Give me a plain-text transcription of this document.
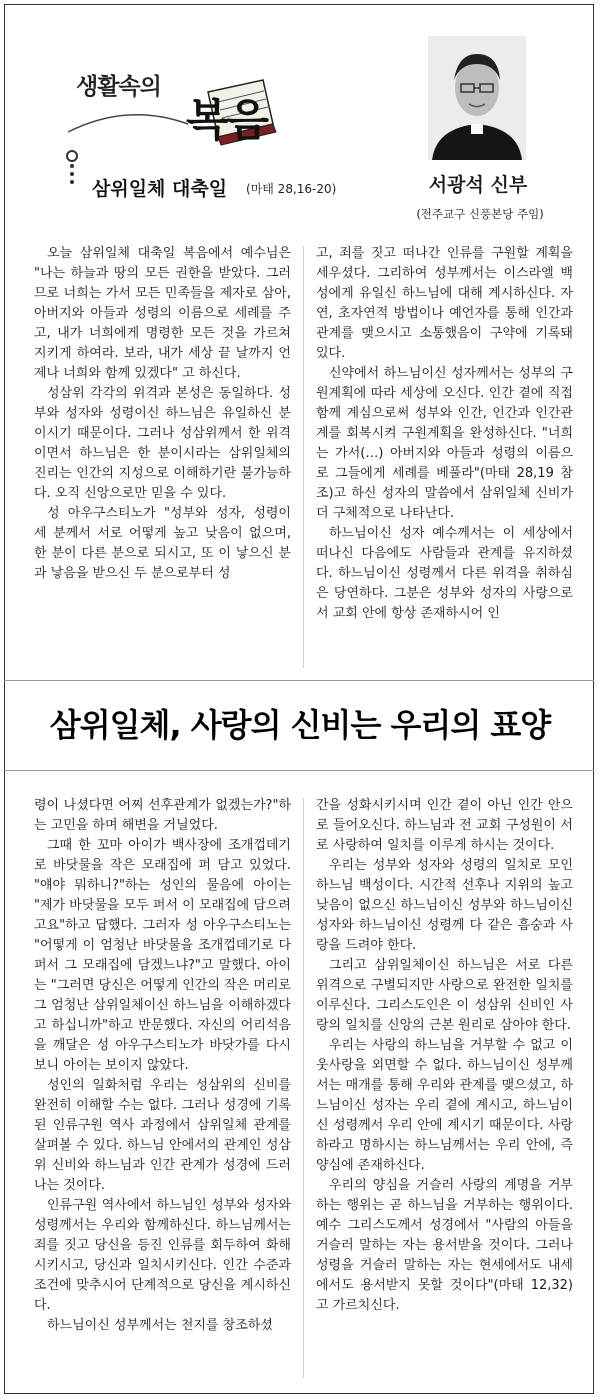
생활속의
복음
삼위일체 대축일 (마태 28,16-20)	서광석 신부
(전주교구 신풍본당 주임)

오늘 삼위일체 대축일 복음에서 예수님은 "나는 하늘과 땅의 모든 권한을 받았다. 그러므로 너희는 가서 모든 민족들을 제자로 삼아, 아버지와 아들과 성령의 이름으로 세례를 주고, 내가 너희에게 명령한 모든 것을 가르쳐 지키게 하여라. 보라, 내가 세상 끝 날까지 언제나 너희와 함께 있겠다" 고 하신다.

성삼위 각각의 위격과 본성은 동일하다. 성부와 성자와 성령이신 하느님은 유일하신 분이시기 때문이다. 그러나 성삼위께서 한 위격이면서 하느님은 한 분이시라는 삼위일체의 진리는 인간의 지성으로 이해하기란 불가능하다. 오직 신앙으로만 믿을 수 있다.

성 아우구스티노가 "성부와 성자, 성령이 세 분께서 서로 어떻게 높고 낮음이 없으며, 한 분이 다른 분으로 되시고, 또 이 낳으신 분과 낳음을 받으신 두 분으로부터 성

고, 죄를 짓고 떠나간 인류를 구원할 계획을 세우셨다. 그리하여 성부께서는 이스라엘 백성에게 유일신 하느님에 대해 계시하신다. 자연, 초자연적 방법이나 예언자를 통해 인간과 관계를 맺으시고 소통했음이 구약에 기록돼 있다.

신약에서 하느님이신 성자께서는 성부의 구원계획에 따라 세상에 오신다. 인간 곁에 직접 함께 계심으로써 성부와 인간, 인간과 인간관계를 회복시켜 구원계획을 완성하신다. "너희는 가서(…) 아버지와 아들과 성령의 이름으로 그들에게 세례를 베풀라"(마태 28,19 참조)고 하신 성자의 말씀에서 삼위일체 신비가 더 구체적으로 나타난다.

하느님이신 성자 예수께서는 이 세상에서 떠나신 다음에도 사람들과 관계를 유지하셨다. 하느님이신 성령께서 다른 위격을 취하심은 당연하다. 그분은 성부와 성자의 사랑으로서 교회 안에 항상 존재하시어 인

삼위일체, 사랑의 신비는 우리의 표양

령이 나셨다면 어찌 선후관계가 없겠는가?"하는 고민을 하며 해변을 거닐었다.

그때 한 꼬마 아이가 백사장에 조개껍데기로 바닷물을 작은 모래집에 퍼 담고 있었다. "얘야 뭐하니?"하는 성인의 물음에 아이는 "제가 바닷물을 모두 퍼서 이 모래집에 담으려고요"하고 답했다. 그러자 성 아우구스티노는 "어떻게 이 엄청난 바닷물을 조개껍데기로 다 퍼서 그 모래집에 담겠느냐?"고 말했다. 아이는 "그러면 당신은 어떻게 인간의 작은 머리로 그 엄청난 삼위일체이신 하느님을 이해하겠다고 하십니까"하고 반문했다. 자신의 어리석음을 깨달은 성 아우구스티노가 바닷가를 다시 보니 아이는 보이지 않았다.

성인의 일화처럼 우리는 성삼위의 신비를 완전히 이해할 수는 없다. 그러나 성경에 기록된 인류구원 역사 과정에서 삼위일체 관계를 살펴볼 수 있다. 하느님 안에서의 관계인 성삼위 신비와 하느님과 인간 관계가 성경에 드러나는 것이다.

인류구원 역사에서 하느님인 성부와 성자와 성령께서는 우리와 함께하신다. 하느님께서는 죄를 짓고 당신을 등진 인류를 회두하여 화해시키시고, 당신과 일치시키신다. 인간 수준과 조건에 맞추시어 단계적으로 당신을 계시하신다.

하느님이신 성부께서는 천지를 창조하셨

간을 성화시키시며 인간 곁이 아닌 인간 안으로 들어오신다. 하느님과 전 교회 구성원이 서로 사랑하여 일치를 이루게 하시는 것이다.

우리는 성부와 성자와 성령의 일치로 모인 하느님 백성이다. 시간적 선후나 지위의 높고 낮음이 없으신 하느님이신 성부와 하느님이신 성자와 하느님이신 성령께 다 같은 흠숭과 사랑을 드려야 한다.

그리고 삼위일체이신 하느님은 서로 다른 위격으로 구별되지만 사랑으로 완전한 일치를 이루신다. 그리스도인은 이 성삼위 신비인 사랑의 일치를 신앙의 근본 원리로 삼아야 한다.

우리는 사랑의 하느님을 거부할 수 없고 이웃사랑을 외면할 수 없다. 하느님이신 성부께서는 매개를 통해 우리와 관계를 맺으셨고, 하느님이신 성자는 우리 곁에 계시고, 하느님이신 성령께서 우리 안에 계시기 때문이다. 사랑하라고 명하시는 하느님께서는 우리 안에, 즉 양심에 존재하신다.

우리의 양심을 거슬러 사랑의 계명을 거부하는 행위는 곧 하느님을 거부하는 행위이다. 예수 그리스도께서 성경에서 "사람의 아들을 거슬러 말하는 자는 용서받을 것이다. 그러나 성령을 거슬러 말하는 자는 현세에서도 내세에서도 용서받지 못할 것이다"(마태 12,32)고 가르치신다.
